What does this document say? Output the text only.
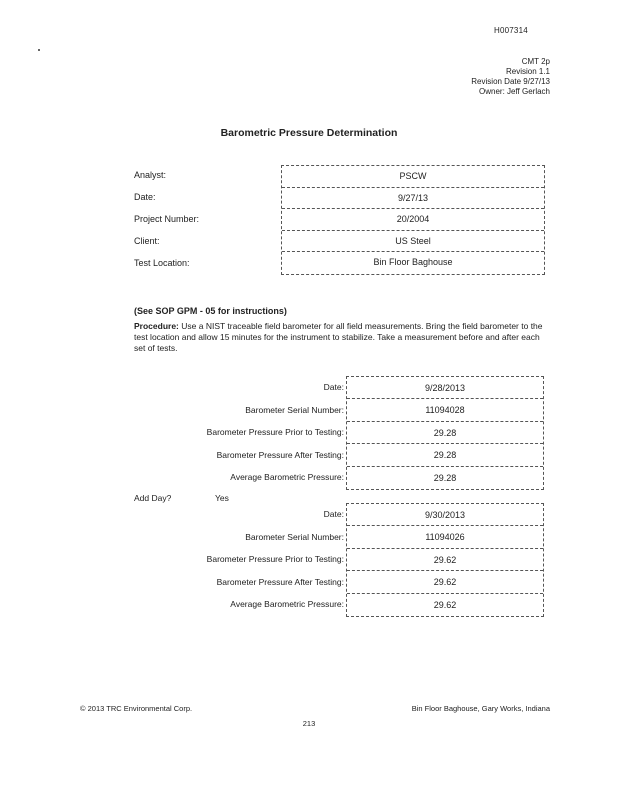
H007314
CMT 2p
Revision 1.1
Revision Date 9/27/13
Owner: Jeff Gerlach
Barometric Pressure Determination
Analyst:
Date:
Project Number:
Client:
Test Location:
PSCW
9/27/13
20/2004
US Steel
Bin Floor Baghouse
(See SOP GPM - 05 for instructions)
Procedure: Use a NIST traceable field barometer for all field measurements. Bring the field barometer to the test location and allow 15 minutes for the instrument to stabilize. Take a measurement before and after each set of tests.
Date:
Barometer Serial Number:
Barometer Pressure Prior to Testing:
Barometer Pressure After Testing:
Average Barometric Pressure:
9/28/2013
11094028
29.28
29.28
29.28
Add Day?	Yes
Date:
Barometer Serial Number:
Barometer Pressure Prior to Testing:
Barometer Pressure After Testing:
Average Barometric Pressure:
9/30/2013
11094026
29.62
29.62
29.62
© 2013 TRC Environmental Corp.	Bin Floor Baghouse, Gary Works, Indiana
213
